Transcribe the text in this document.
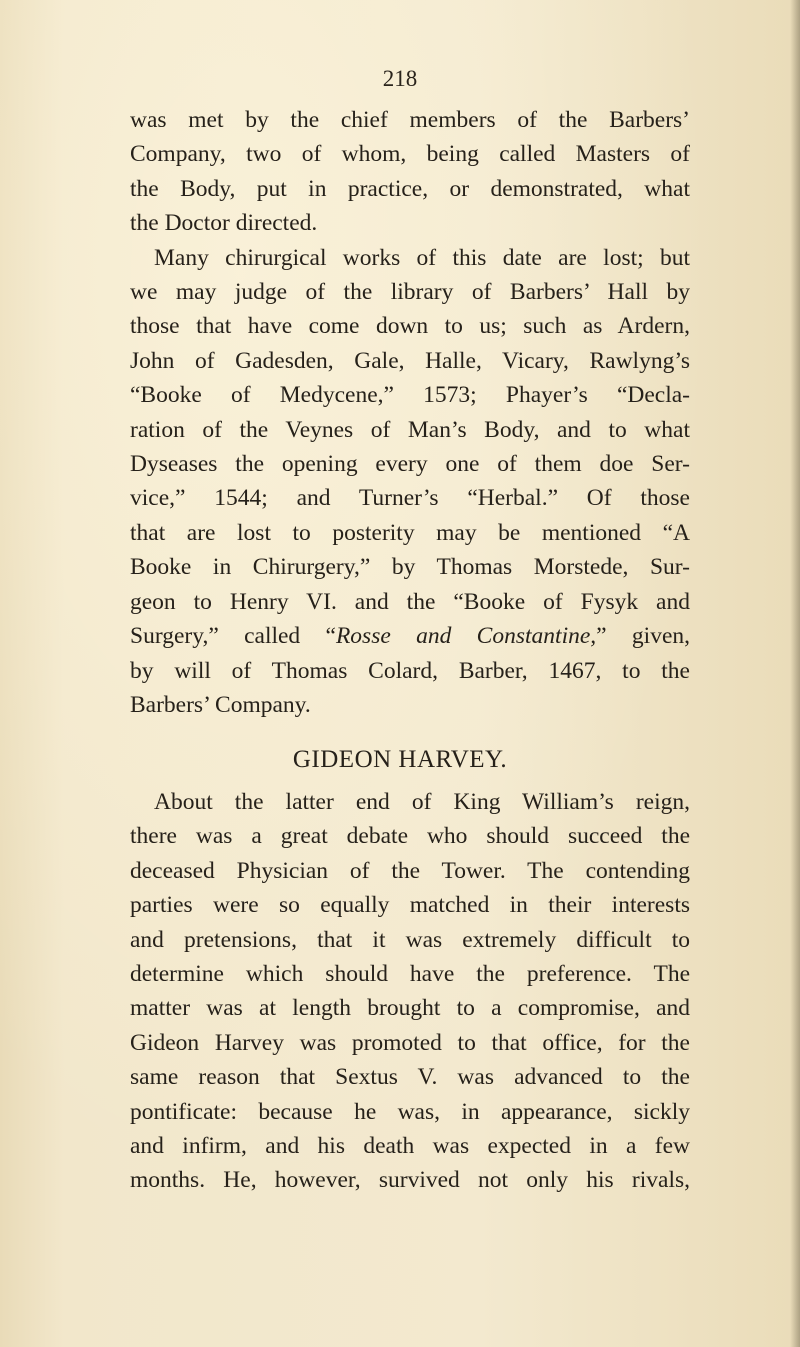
218

was met by the chief members of the Barbers’
Company, two of whom, being called Masters of
the Body, put in practice, or demonstrated, what
the Doctor directed.
Many chirurgical works of this date are lost; but
we may judge of the library of Barbers’ Hall by
those that have come down to us; such as Ardern,
John of Gadesden, Gale, Halle, Vicary, Rawlyng’s
“Booke of Medycene,” 1573; Phayer’s “Decla-
ration of the Veynes of Man’s Body, and to what
Dyseases the opening every one of them doe Ser-
vice,” 1544; and Turner’s “Herbal.” Of those
that are lost to posterity may be mentioned “A
Booke in Chirurgery,” by Thomas Morstede, Sur-
geon to Henry VI. and the “Booke of Fysyk and
Surgery,” called “Rosse and Constantine,” given,
by will of Thomas Colard, Barber, 1467, to the
Barbers’ Company.
GIDEON HARVEY.
About the latter end of King William’s reign,
there was a great debate who should succeed the
deceased Physician of the Tower. The contending
parties were so equally matched in their interests
and pretensions, that it was extremely difficult to
determine which should have the preference. The
matter was at length brought to a compromise, and
Gideon Harvey was promoted to that office, for the
same reason that Sextus V. was advanced to the
pontificate: because he was, in appearance, sickly
and infirm, and his death was expected in a few
months. He, however, survived not only his rivals,
